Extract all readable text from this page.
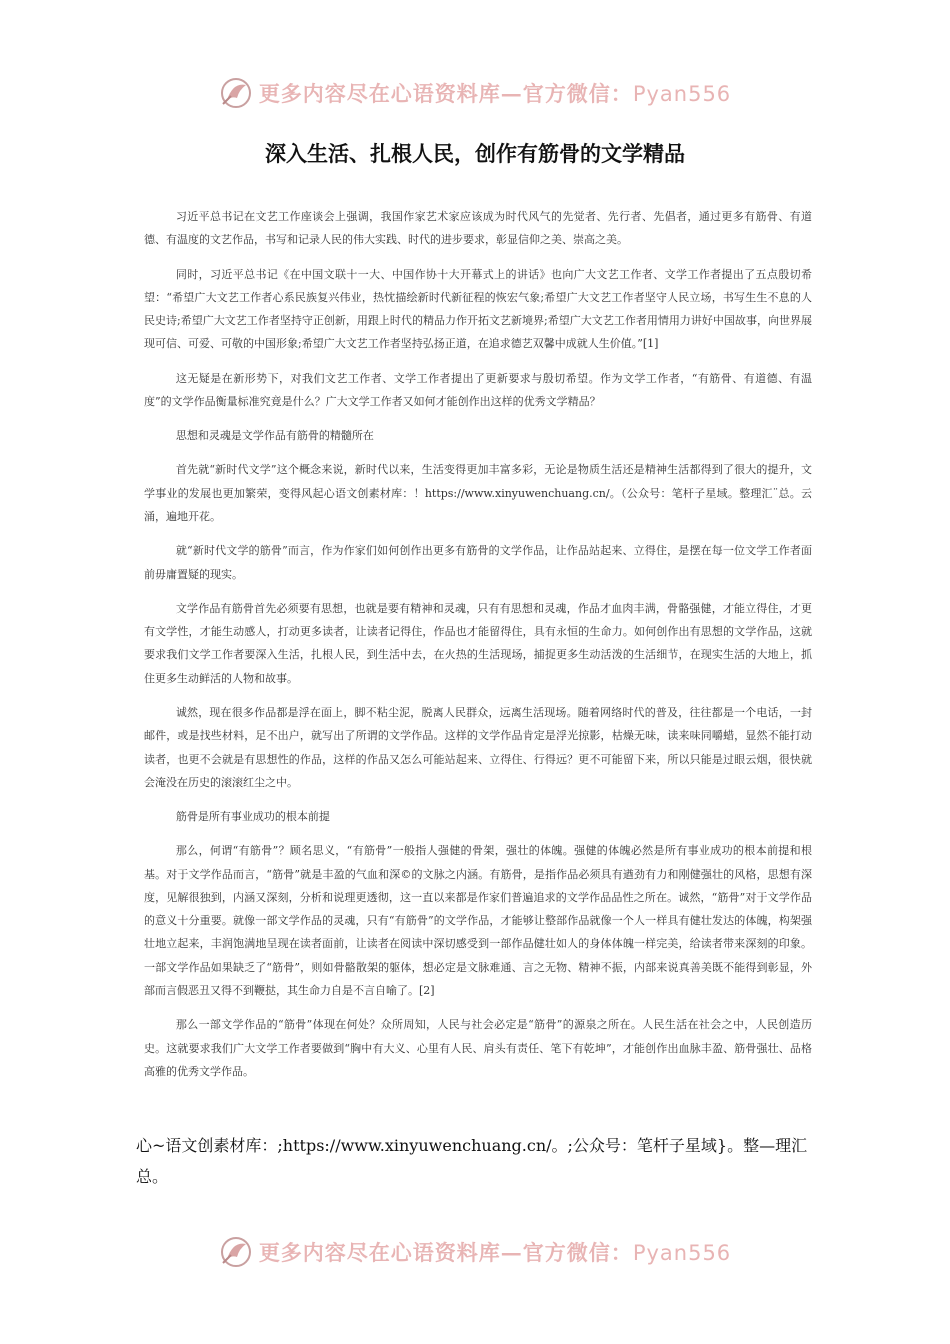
更多内容尽在心语资料库—官方微信：Pyan556
深入生活、扎根人民，创作有筋骨的文学精品

习近平总书记在文艺工作座谈会上强调，我国作家艺术家应该成为时代风气的先觉者、先行者、先倡者，通过更多有筋骨、有道德、有温度的文艺作品，书写和记录人民的伟大实践、时代的进步要求，彰显信仰之美、崇高之美。

同时，习近平总书记《在中国文联十一大、中国作协十大开幕式上的讲话》也向广大文艺工作者、文学工作者提出了五点殷切希望：“希望广大文艺工作者心系民族复兴伟业，热忱描绘新时代新征程的恢宏气象;希望广大文艺工作者坚守人民立场，书写生生不息的人民史诗;希望广大文艺工作者坚持守正创新，用跟上时代的精品力作开拓文艺新境界;希望广大文艺工作者用情用力讲好中国故事，向世界展现可信、可爱、可敬的中国形象;希望广大文艺工作者坚持弘扬正道，在追求德艺双馨中成就人生价值。”[1]

这无疑是在新形势下，对我们文艺工作者、文学工作者提出了更新要求与殷切希望。作为文学工作者，“有筋骨、有道德、有温度”的文学作品衡量标准究竟是什么？广大文学工作者又如何才能创作出这样的优秀文学精品？

思想和灵魂是文学作品有筋骨的精髓所在

首先就“新时代文学”这个概念来说，新时代以来，生活变得更加丰富多彩，无论是物质生活还是精神生活都得到了很大的提升，文学事业的发展也更加繁荣，变得风起心语文创素材库：！https://www.xinyuwenchuang.cn/。（公众号：笔杆子星域。整理汇¨总。云涌，遍地开花。

就“新时代文学的筋骨”而言，作为作家们如何创作出更多有筋骨的文学作品，让作品站起来、立得住，是摆在每一位文学工作者面前毋庸置疑的现实。

文学作品有筋骨首先必须要有思想，也就是要有精神和灵魂，只有有思想和灵魂，作品才血肉丰满，骨骼强健，才能立得住，才更有文学性，才能生动感人，打动更多读者，让读者记得住，作品也才能留得住，具有永恒的生命力。如何创作出有思想的文学作品，这就要求我们文学工作者要深入生活，扎根人民，到生活中去，在火热的生活现场，捕捉更多生动活泼的生活细节，在现实生活的大地上，抓住更多生动鲜活的人物和故事。

诚然，现在很多作品都是浮在面上，脚不粘尘泥，脱离人民群众，远离生活现场。随着网络时代的普及，往往都是一个电话，一封邮件，或是找些材料，足不出户，就写出了所谓的文学作品。这样的文学作品肯定是浮光掠影，枯燥无味，读来味同嚼蜡，显然不能打动读者，也更不会就是有思想性的作品，这样的作品又怎么可能站起来、立得住、行得远？更不可能留下来，所以只能是过眼云烟，很快就会淹没在历史的滚滚红尘之中。

筋骨是所有事业成功的根本前提

那么，何谓“有筋骨”？顾名思义，“有筋骨”一般指人强健的骨架，强壮的体魄。强健的体魄必然是所有事业成功的根本前提和根基。对于文学作品而言，“筋骨”就是丰盈的气血和深©的文脉之内涵。有筋骨，是指作品必须具有遒劲有力和刚健强壮的风格，思想有深度，见解很独到，内涵又深刻，分析和说理更透彻，这一直以来都是作家们普遍追求的文学作品品性之所在。诚然，“筋骨”对于文学作品的意义十分重要。就像一部文学作品的灵魂，只有“有筋骨”的文学作品，才能够让整部作品就像一个人一样具有健壮发达的体魄，构架强壮地立起来，丰润饱满地呈现在读者面前，让读者在阅读中深切感受到一部作品健壮如人的身体体魄一样完美，给读者带来深刻的印象。一部文学作品如果缺乏了“筋骨”，则如骨骼散架的躯体，想必定是文脉难通、言之无物、精神不振，内部来说真善美既不能得到彰显，外部而言假恶丑又得不到鞭挞，其生命力自是不言自喻了。[2]

那么一部文学作品的“筋骨”体现在何处？众所周知，人民与社会必定是“筋骨”的源泉之所在。人民生活在社会之中，人民创造历史。这就要求我们广大文学工作者要做到“胸中有大义、心里有人民、肩头有责任、笔下有乾坤”，才能创作出血脉丰盈、筋骨强壮、品格高雅的优秀文学作品。

心~语文创素材库：;https://www.xinyuwenchuang.cn/。;公众号：笔杆子星域}。整—理汇总。

更多内容尽在心语资料库—官方微信：Pyan556
